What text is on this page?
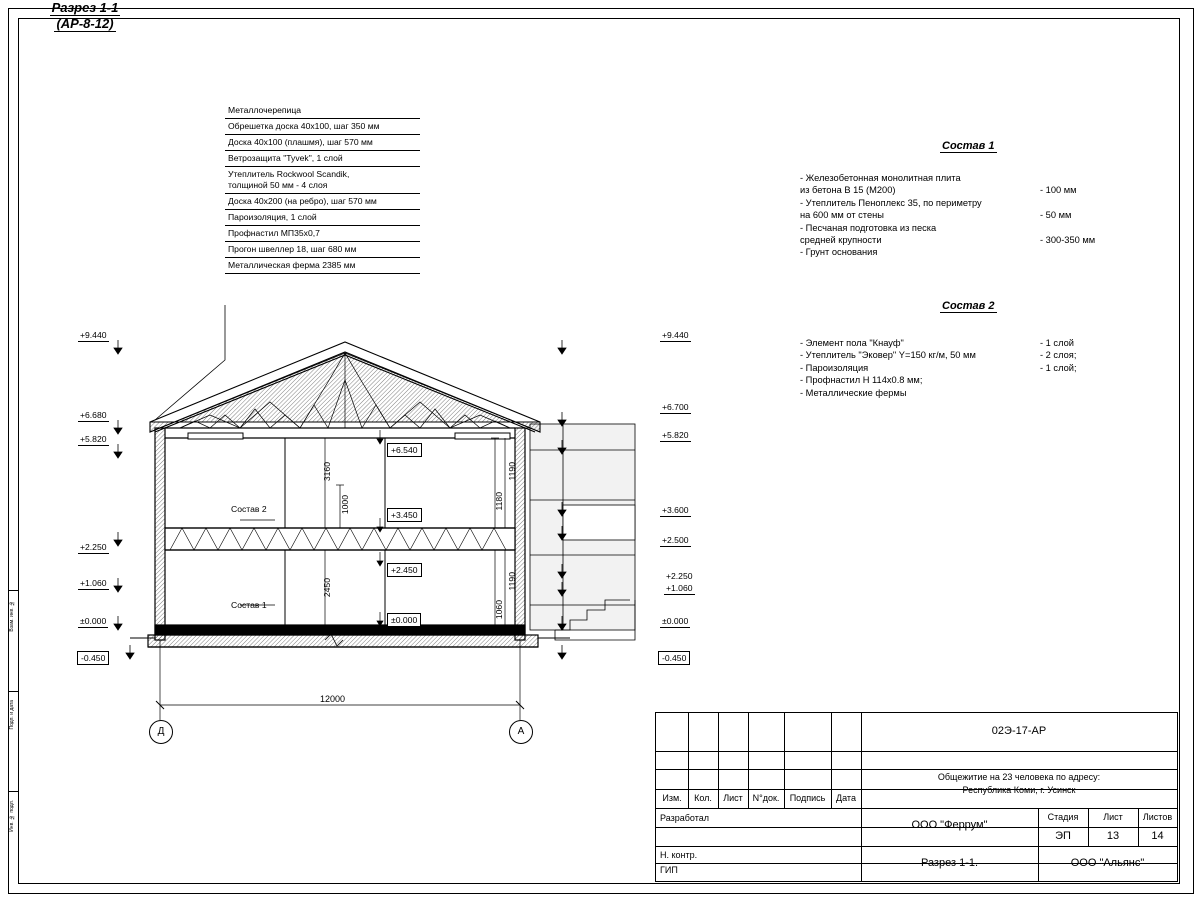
Взам. инв. №
Подп. и дата
Инв. № подл.
Разрез 1-1
(АР-8-12)
Металлочерепица
Обрешетка доска 40х100, шаг 350 мм
Доска 40х100 (плашмя), шаг 570 мм
Ветрозащита "Tyvek", 1 слой
Утеплитель Rockwool Scandik,
толщиной 50 мм - 4 слоя
Доска 40х200 (на ребро), шаг 570 мм
Пароизоляция, 1 слой
Профнастил МП35х0,7
Прогон швеллер 18, шаг 680 мм
Металлическая ферма 2385 мм
Состав 1
- Железобетонная монолитная плита
из бетона В 15 (М200)	- 100 мм
- Утеплитель Пеноплекс 35, по периметру
на 600 мм от стены	- 50 мм
- Песчаная подготовка из песка
средней крупности	- 300-350 мм
- Грунт основания
Состав 2
- Элемент пола "Кнауф"	- 1 слой
- Утеплитель "Эковер" Y=150 кг/м, 50 мм	- 2 слоя;
- Пароизоляция	- 1 слой;
- Профнастил Н 114х0.8 мм;
- Металлические фермы
+9.440
+6.680
+5.820
+2.250
+1.060
±0.000
-0.450
+9.440
+6.700
+5.820
+3.600
+2.500
+2.250
+1.060
±0.000
-0.450
+6.540
+3.450
+2.450
±0.000
3160
1000
2450
1190
1180
1190
1060
Состав 2
Состав 1
12000
Д	А
Изм.	Кол.	Лист	N°док.	Подпись	Дата
Разработал
Н. контр.
ГИП
02Э-17-АР
Общежитие на 23 человека по адресу:
Республика Коми, г. Усинск
ООО "Феррум"
Стадия	Лист	Листов
ЭП	13	14
Разрез 1-1.	ООО "Альянс"
